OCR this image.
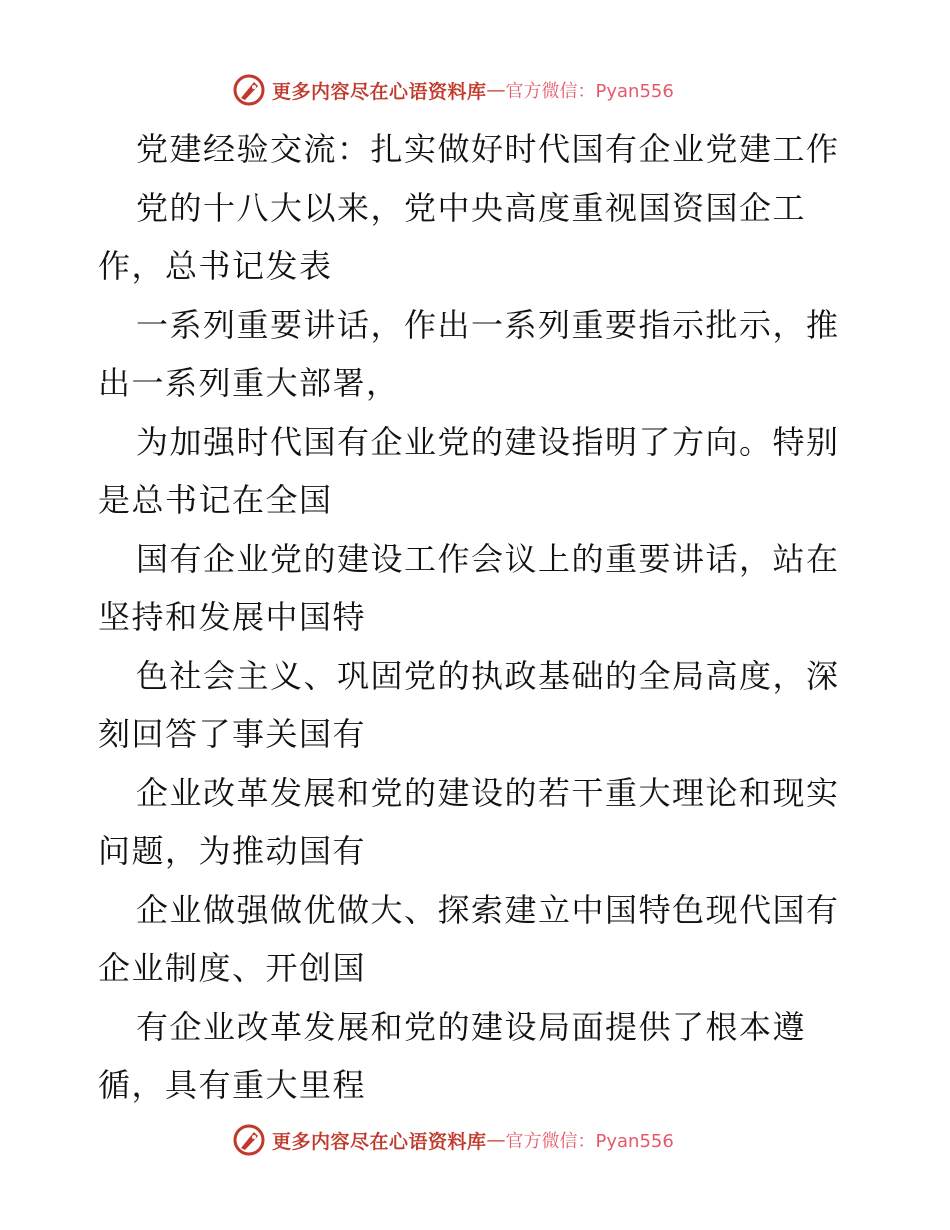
更多内容尽在心语资料库 — 官方微信：Pyan556
党建经验交流：扎实做好时代国有企业党建工作
党的十八大以来，党中央高度重视国资国企工
作，总书记发表
一系列重要讲话，作出一系列重要指示批示，推
出一系列重大部署，
为加强时代国有企业党的建设指明了方向。特别
是总书记在全国
国有企业党的建设工作会议上的重要讲话，站在
坚持和发展中国特
色社会主义、巩固党的执政基础的全局高度，深
刻回答了事关国有
企业改革发展和党的建设的若干重大理论和现实
问题，为推动国有
企业做强做优做大、探索建立中国特色现代国有
企业制度、开创国
有企业改革发展和党的建设局面提供了根本遵
循，具有重大里程
更多内容尽在心语资料库 — 官方微信：Pyan556
